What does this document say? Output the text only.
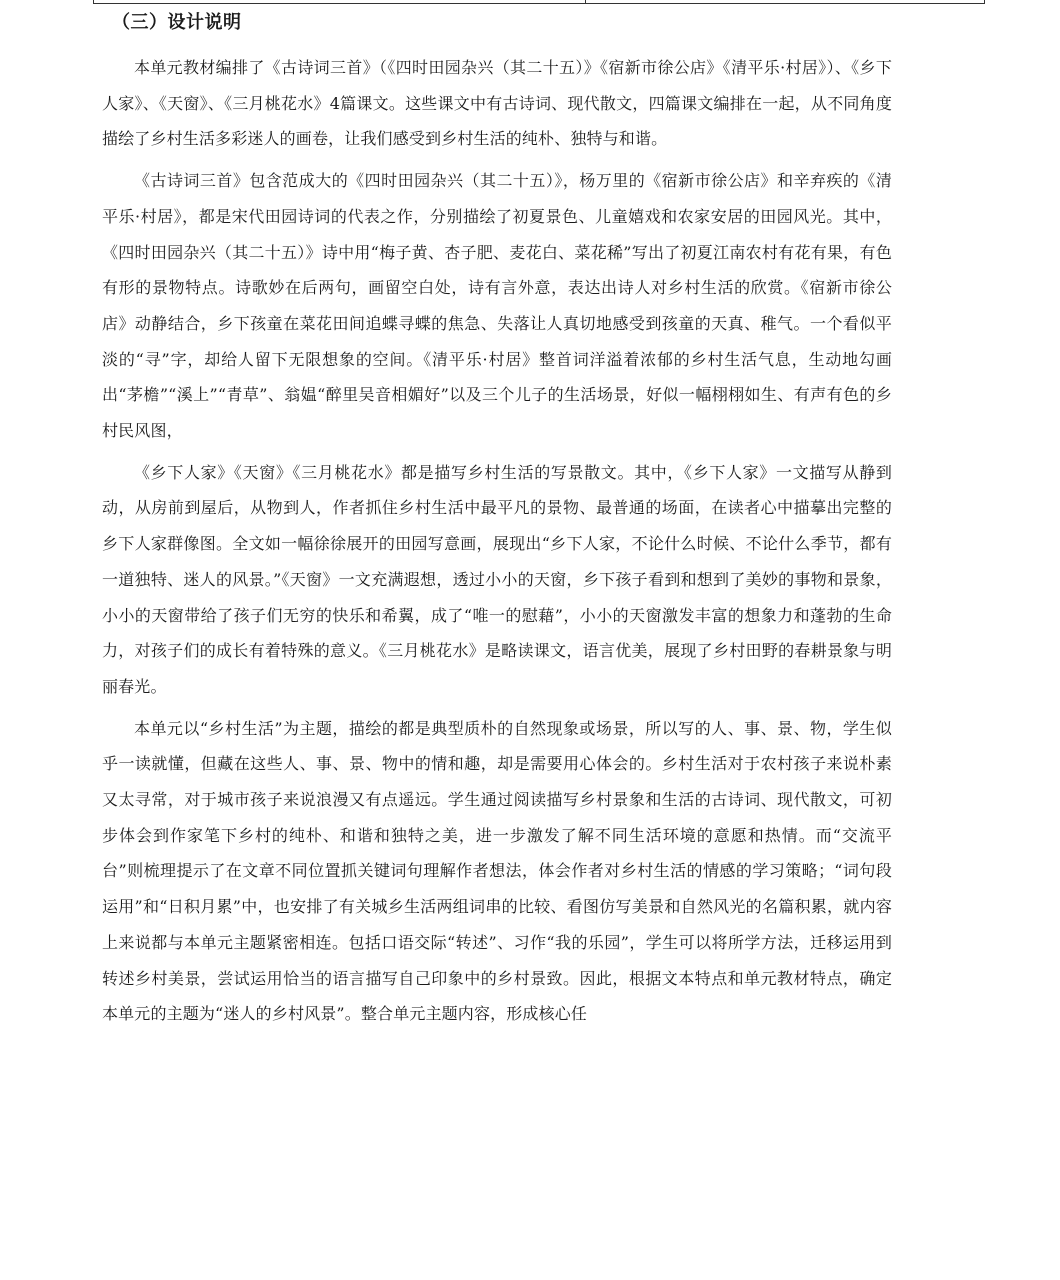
（三）设计说明

本单元教材编排了《古诗词三首》（《四时田园杂兴（其二十五）》《宿新市徐公店》《清平乐·村居》）、《乡下人家》、《天窗》、《三月桃花水》4篇课文。这些课文中有古诗词、现代散文，四篇课文编排在一起，从不同角度描绘了乡村生活多彩迷人的画卷，让我们感受到乡村生活的纯朴、独特与和谐。

《古诗词三首》包含范成大的《四时田园杂兴（其二十五）》，杨万里的《宿新市徐公店》和辛弃疾的《清平乐·村居》，都是宋代田园诗词的代表之作，分别描绘了初夏景色、儿童嬉戏和农家安居的田园风光。其中，《四时田园杂兴（其二十五）》诗中用“梅子黄、杏子肥、麦花白、菜花稀”写出了初夏江南农村有花有果，有色有形的景物特点。诗歌妙在后两句，画留空白处，诗有言外意，表达出诗人对乡村生活的欣赏。《宿新市徐公店》动静结合，乡下孩童在菜花田间追蝶寻蝶的焦急、失落让人真切地感受到孩童的天真、稚气。一个看似平淡的“寻”字，却给人留下无限想象的空间。《清平乐·村居》整首词洋溢着浓郁的乡村生活气息，生动地勾画出“茅檐”“溪上”“青草”、翁媪“醉里吴音相媚好”以及三个儿子的生活场景，好似一幅栩栩如生、有声有色的乡村民风图，

《乡下人家》《天窗》《三月桃花水》都是描写乡村生活的写景散文。其中，《乡下人家》一文描写从静到动，从房前到屋后，从物到人，作者抓住乡村生活中最平凡的景物、最普通的场面，在读者心中描摹出完整的乡下人家群像图。全文如一幅徐徐展开的田园写意画，展现出“乡下人家，不论什么时候、不论什么季节，都有一道独特、迷人的风景。”《天窗》一文充满遐想，透过小小的天窗，乡下孩子看到和想到了美妙的事物和景象，小小的天窗带给了孩子们无穷的快乐和希翼，成了“唯一的慰藉”，小小的天窗激发丰富的想象力和蓬勃的生命力，对孩子们的成长有着特殊的意义。《三月桃花水》是略读课文，语言优美，展现了乡村田野的春耕景象与明丽春光。

本单元以“乡村生活”为主题，描绘的都是典型质朴的自然现象或场景，所以写的人、事、景、物，学生似乎一读就懂，但藏在这些人、事、景、物中的情和趣，却是需要用心体会的。乡村生活对于农村孩子来说朴素又太寻常，对于城市孩子来说浪漫又有点遥远。学生通过阅读描写乡村景象和生活的古诗词、现代散文，可初步体会到作家笔下乡村的纯朴、和谐和独特之美，进一步激发了解不同生活环境的意愿和热情。而“交流平台”则梳理提示了在文章不同位置抓关键词句理解作者想法，体会作者对乡村生活的情感的学习策略；“词句段运用”和“日积月累”中，也安排了有关城乡生活两组词串的比较、看图仿写美景和自然风光的名篇积累，就内容上来说都与本单元主题紧密相连。包括口语交际“转述”、习作“我的乐园”，学生可以将所学方法，迁移运用到转述乡村美景，尝试运用恰当的语言描写自己印象中的乡村景致。因此，根据文本特点和单元教材特点，确定本单元的主题为“迷人的乡村风景”。整合单元主题内容，形成核心任
